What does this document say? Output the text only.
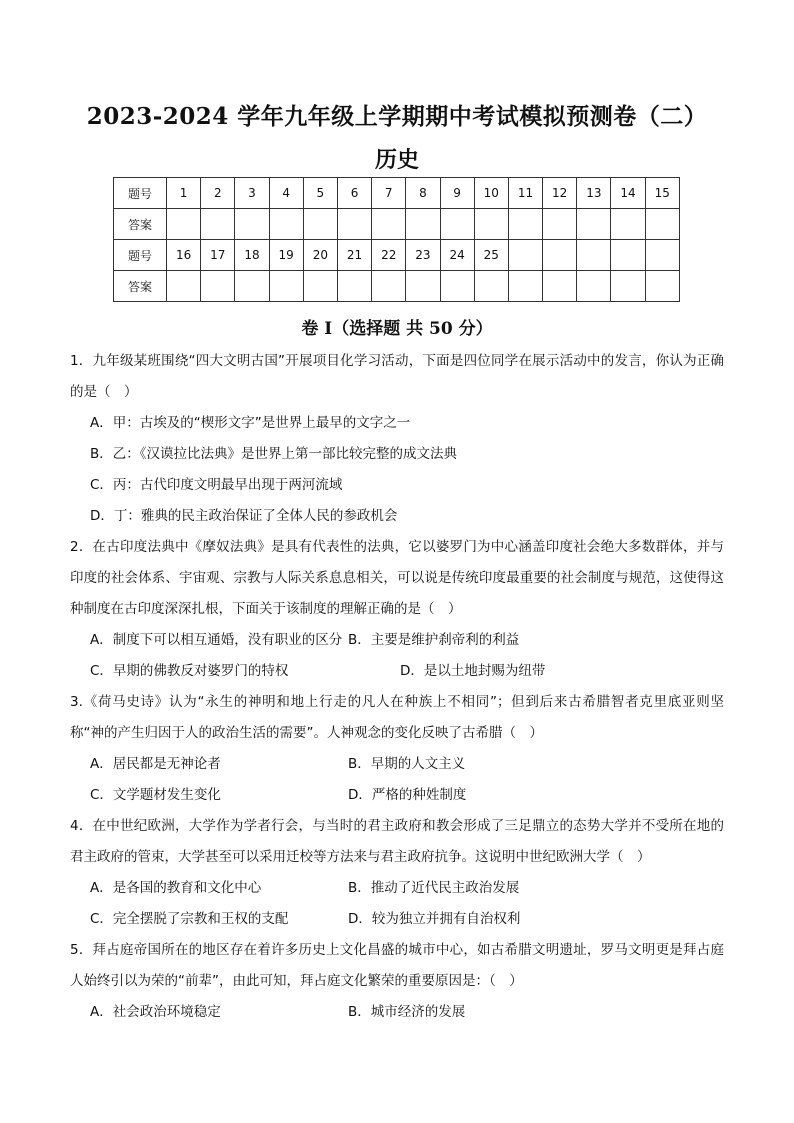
2023-2024 学年九年级上学期期中考试模拟预测卷（二）
历史
题号	1	2	3	4	5	6	7	8	9	10	11	12	13	14	15
答案															
题号	16	17	18	19	20	21	22	23	24	25					
答案															
卷 I（选择题 共 50 分）

1．九年级某班围绕“四大文明古国”开展项目化学习活动，下面是四位同学在展示活动中的发言，你认为正确的是（　）

A．甲：古埃及的“楔形文字”是世界上最早的文字之一

B．乙：《汉谟拉比法典》是世界上第一部比较完整的成文法典

C．丙：古代印度文明最早出现于两河流域

D．丁：雅典的民主政治保证了全体人民的参政机会

2．在古印度法典中《摩奴法典》是具有代表性的法典，它以婆罗门为中心涵盖印度社会绝大多数群体，并与印度的社会体系、宇宙观、宗教与人际关系息息相关，可以说是传统印度最重要的社会制度与规范，这使得这种制度在古印度深深扎根，下面关于该制度的理解正确的是（　）

A．制度下可以相互通婚，没有职业的区分 B．主要是维护刹帝利的利益
C．早期的佛教反对婆罗门的特权	D．是以土地封赐为纽带

3.《荷马史诗》认为“永生的神明和地上行走的凡人在种族上不相同”；但到后来古希腊智者克里底亚则坚称“神的产生归因于人的政治生活的需要”。人神观念的变化反映了古希腊（　）

A．居民都是无神论者	B．早期的人文主义
C．文学题材发生变化	D．严格的种姓制度

4．在中世纪欧洲，大学作为学者行会，与当时的君主政府和教会形成了三足鼎立的态势大学并不受所在地的君主政府的管束，大学甚至可以采用迁校等方法来与君主政府抗争。这说明中世纪欧洲大学（　）

A．是各国的教育和文化中心	B．推动了近代民主政治发展
C．完全摆脱了宗教和王权的支配	D．较为独立并拥有自治权利

5．拜占庭帝国所在的地区存在着许多历史上文化昌盛的城市中心，如古希腊文明遗址，罗马文明更是拜占庭人始终引以为荣的“前辈”，由此可知，拜占庭文化繁荣的重要原因是：（　）

A．社会政治环境稳定	B．城市经济的发展
